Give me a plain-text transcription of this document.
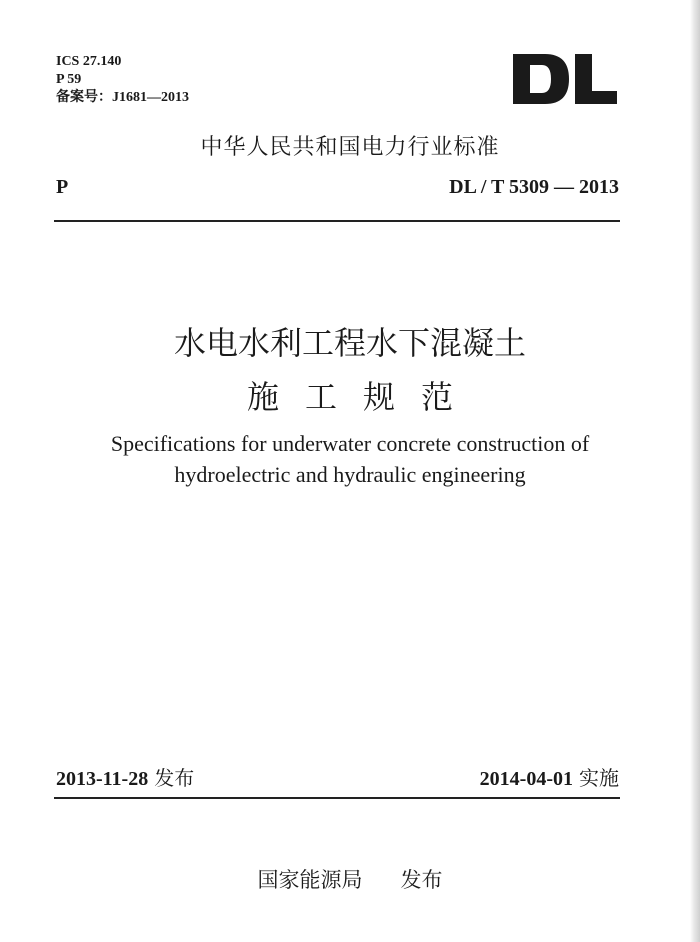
ICS 27.140
P 59
备案号：J1681—2013
中华人民共和国电力行业标准
P	DL / T 5309 — 2013
水电水利工程水下混凝土
施工规范
Specifications for underwater concrete construction of
hydroelectric and hydraulic engineering
2013-11-28 发布	2014-04-01 实施
国家能源局 发布
